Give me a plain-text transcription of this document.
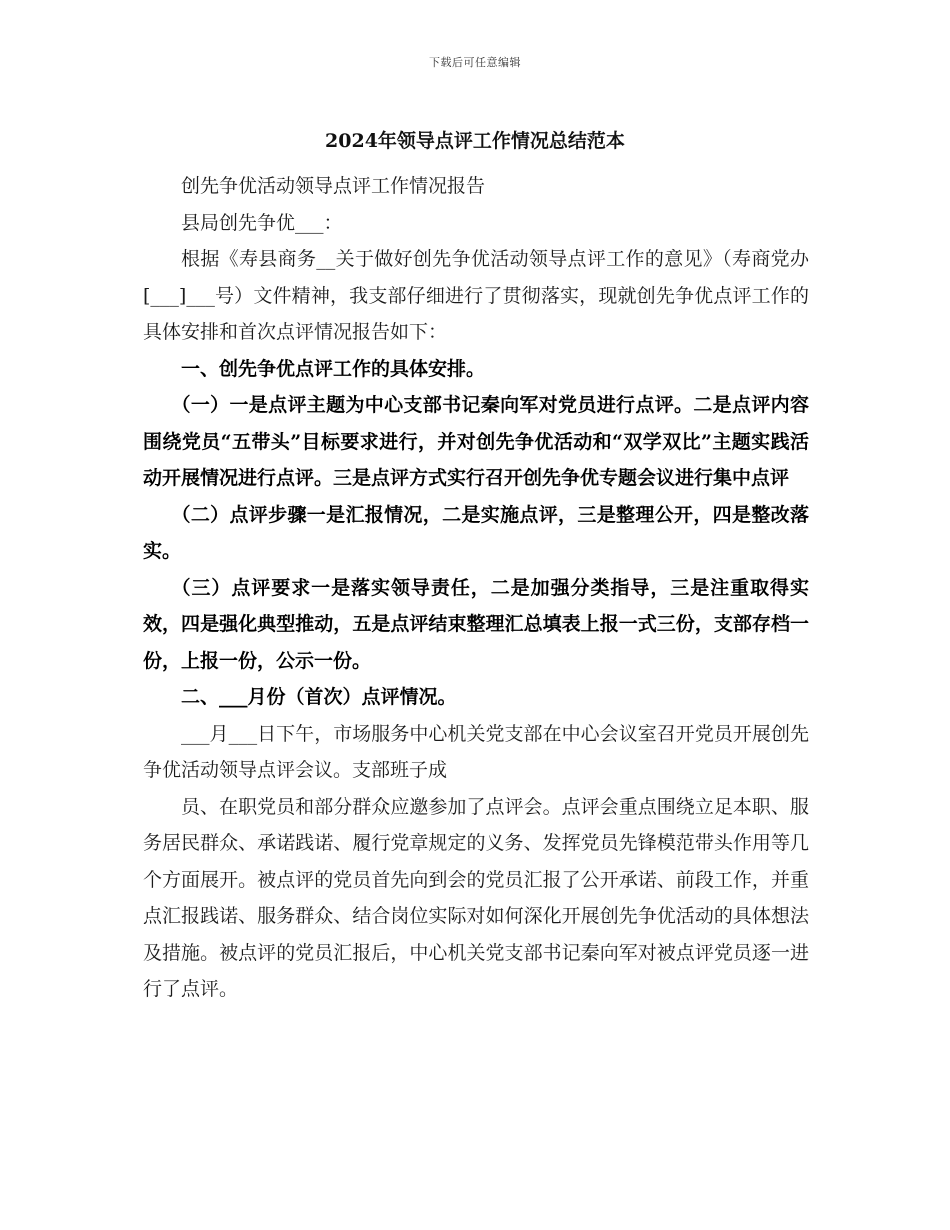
下载后可任意编辑
2024年领导点评工作情况总结范本

创先争优活动领导点评工作情况报告

县局创先争优___：

根据《寿县商务__关于做好创先争优活动领导点评工作的意见》（寿商党办[___]___号）文件精神，我支部仔细进行了贯彻落实，现就创先争优点评工作的具体安排和首次点评情况报告如下：

一、创先争优点评工作的具体安排。

（一）一是点评主题为中心支部书记秦向军对党员进行点评。二是点评内容围绕党员“五带头”目标要求进行，并对创先争优活动和“双学双比”主题实践活动开展情况进行点评。三是点评方式实行召开创先争优专题会议进行集中点评

（二）点评步骤一是汇报情况，二是实施点评，三是整理公开，四是整改落实。

（三）点评要求一是落实领导责任，二是加强分类指导，三是注重取得实效，四是强化典型推动，五是点评结束整理汇总填表上报一式三份，支部存档一份，上报一份，公示一份。

二、___月份（首次）点评情况。

___月___日下午，市场服务中心机关党支部在中心会议室召开党员开展创先争优活动领导点评会议。支部班子成

员、在职党员和部分群众应邀参加了点评会。点评会重点围绕立足本职、服务居民群众、承诺践诺、履行党章规定的义务、发挥党员先锋模范带头作用等几个方面展开。被点评的党员首先向到会的党员汇报了公开承诺、前段工作，并重点汇报践诺、服务群众、结合岗位实际对如何深化开展创先争优活动的具体想法及措施。被点评的党员汇报后，中心机关党支部书记秦向军对被点评党员逐一进行了点评。
